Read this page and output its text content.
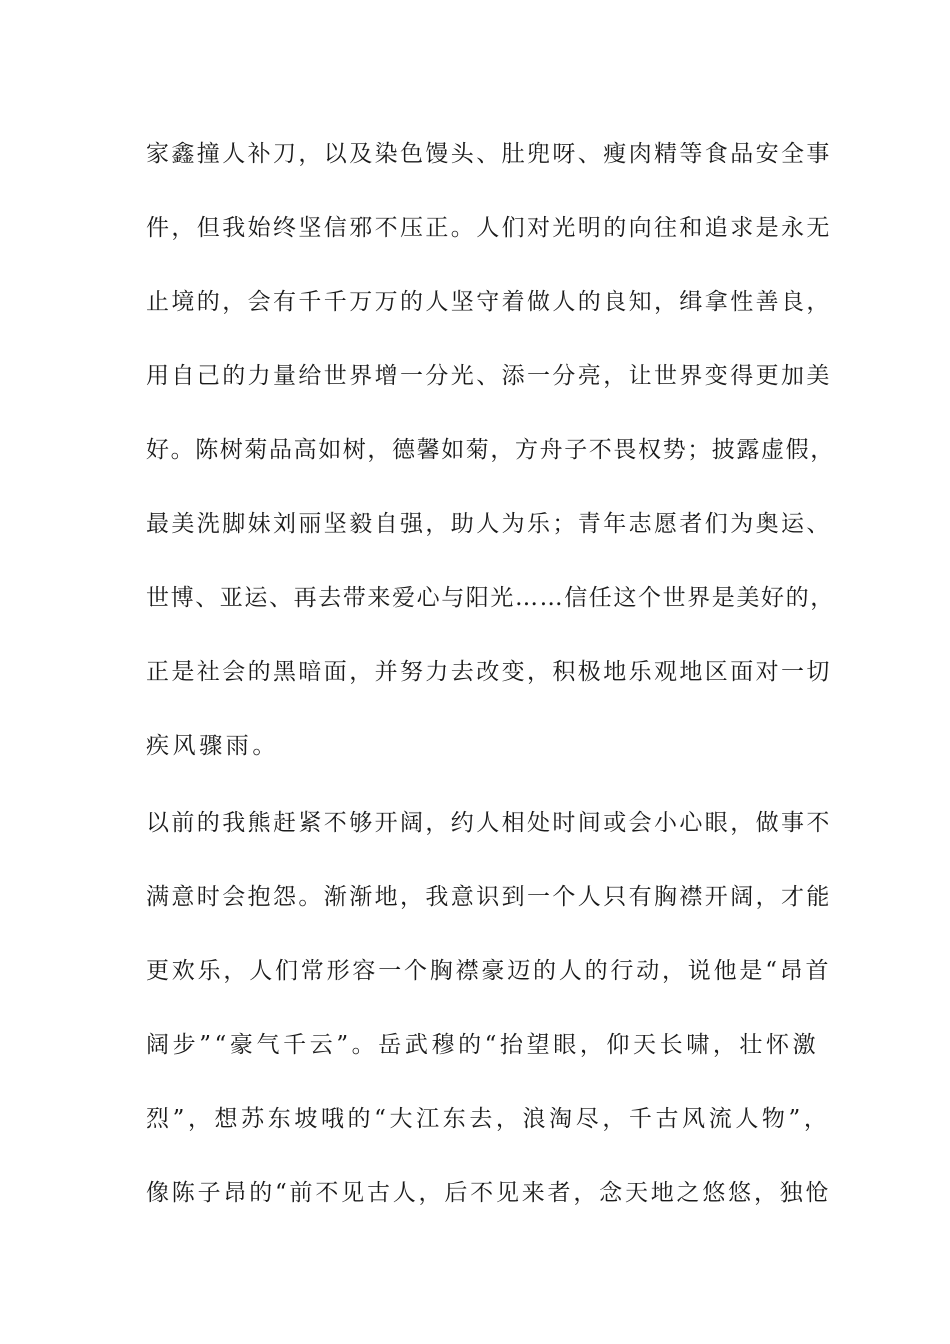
家鑫撞人补刀，以及染色馒头、肚兜呀、瘦肉精等食品安全事
件，但我始终坚信邪不压正。人们对光明的向往和追求是永无
止境的，会有千千万万的人坚守着做人的良知，缉拿性善良，
用自己的力量给世界增一分光、添一分亮，让世界变得更加美
好。陈树菊品高如树，德馨如菊，方舟子不畏权势；披露虚假，
最美洗脚妹刘丽坚毅自强，助人为乐；青年志愿者们为奥运、
世博、亚运、再去带来爱心与阳光……信任这个世界是美好的，
正是社会的黑暗面，并努力去改变，积极地乐观地区面对一切
疾风骤雨。
以前的我熊赶紧不够开阔，约人相处时间或会小心眼，做事不
满意时会抱怨。渐渐地，我意识到一个人只有胸襟开阔，才能
更欢乐，人们常形容一个胸襟豪迈的人的行动，说他是“昂首
阔步”“豪气千云”。岳武穆的“抬望眼，仰天长啸，壮怀激
烈”，想苏东坡哦的“大江东去，浪淘尽，千古风流人物”，
像陈子昂的“前不见古人，后不见来者，念天地之悠悠，独怆
